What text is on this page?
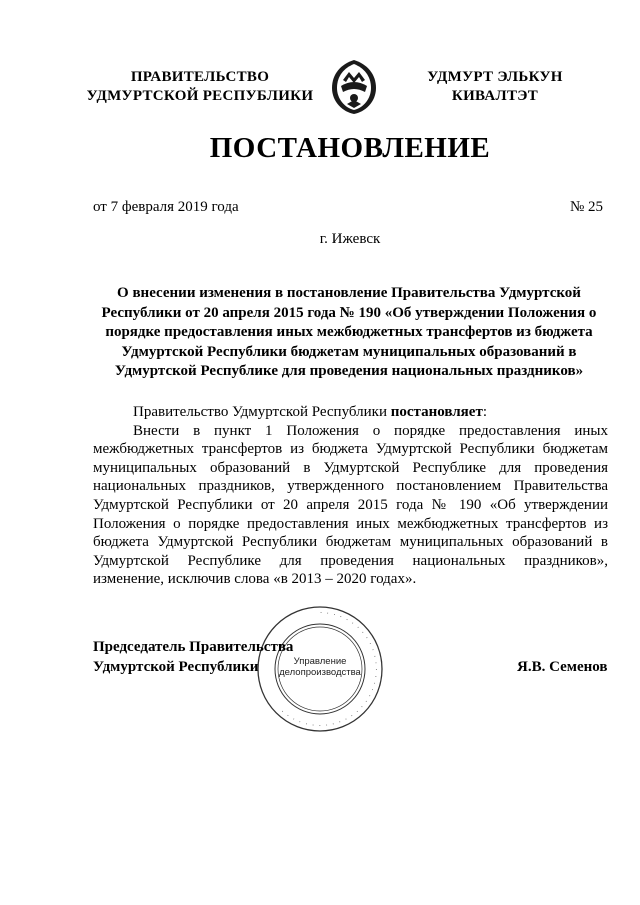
ПРАВИТЕЛЬСТВО
УДМУРТСКОЙ РЕСПУБЛИКИ
УДМУРТ ЭЛЬКУН
КИВАЛТЭТ
ПОСТАНОВЛЕНИЕ
от 7 февраля 2019 года	№ 25
г. Ижевск
О внесении изменения в постановление Правительства Удмуртской
Республики от 20 апреля 2015 года № 190 «Об утверждении Положения о
порядке предоставления иных межбюджетных трансфертов из бюджета
Удмуртской Республики бюджетам муниципальных образований в
Удмуртской Республике для проведения национальных праздников»

Правительство Удмуртской Республики постановляет:

Внести в пункт 1 Положения о порядке предоставления иных межбюджетных трансфертов из бюджета Удмуртской Республики бюджетам муниципальных образований в Удмуртской Республике для проведения национальных праздников, утвержденного постановлением Правительства Удмуртской Республики от 20 апреля 2015 года № 190 «Об утверждении Положения о порядке предоставления иных межбюджетных трансфертов из бюджета Удмуртской Республики бюджетам муниципальных образований в Удмуртской Республике для проведения национальных праздников», изменение, исключив слова «в 2013 – 2020 годах».

· · · · · · · · · · · · · · · · · · · · · · · · · · · · · · · · ·
Управление
делопроизводства
Председатель Правительства
Удмуртской Республики	Я.В. Семенов
